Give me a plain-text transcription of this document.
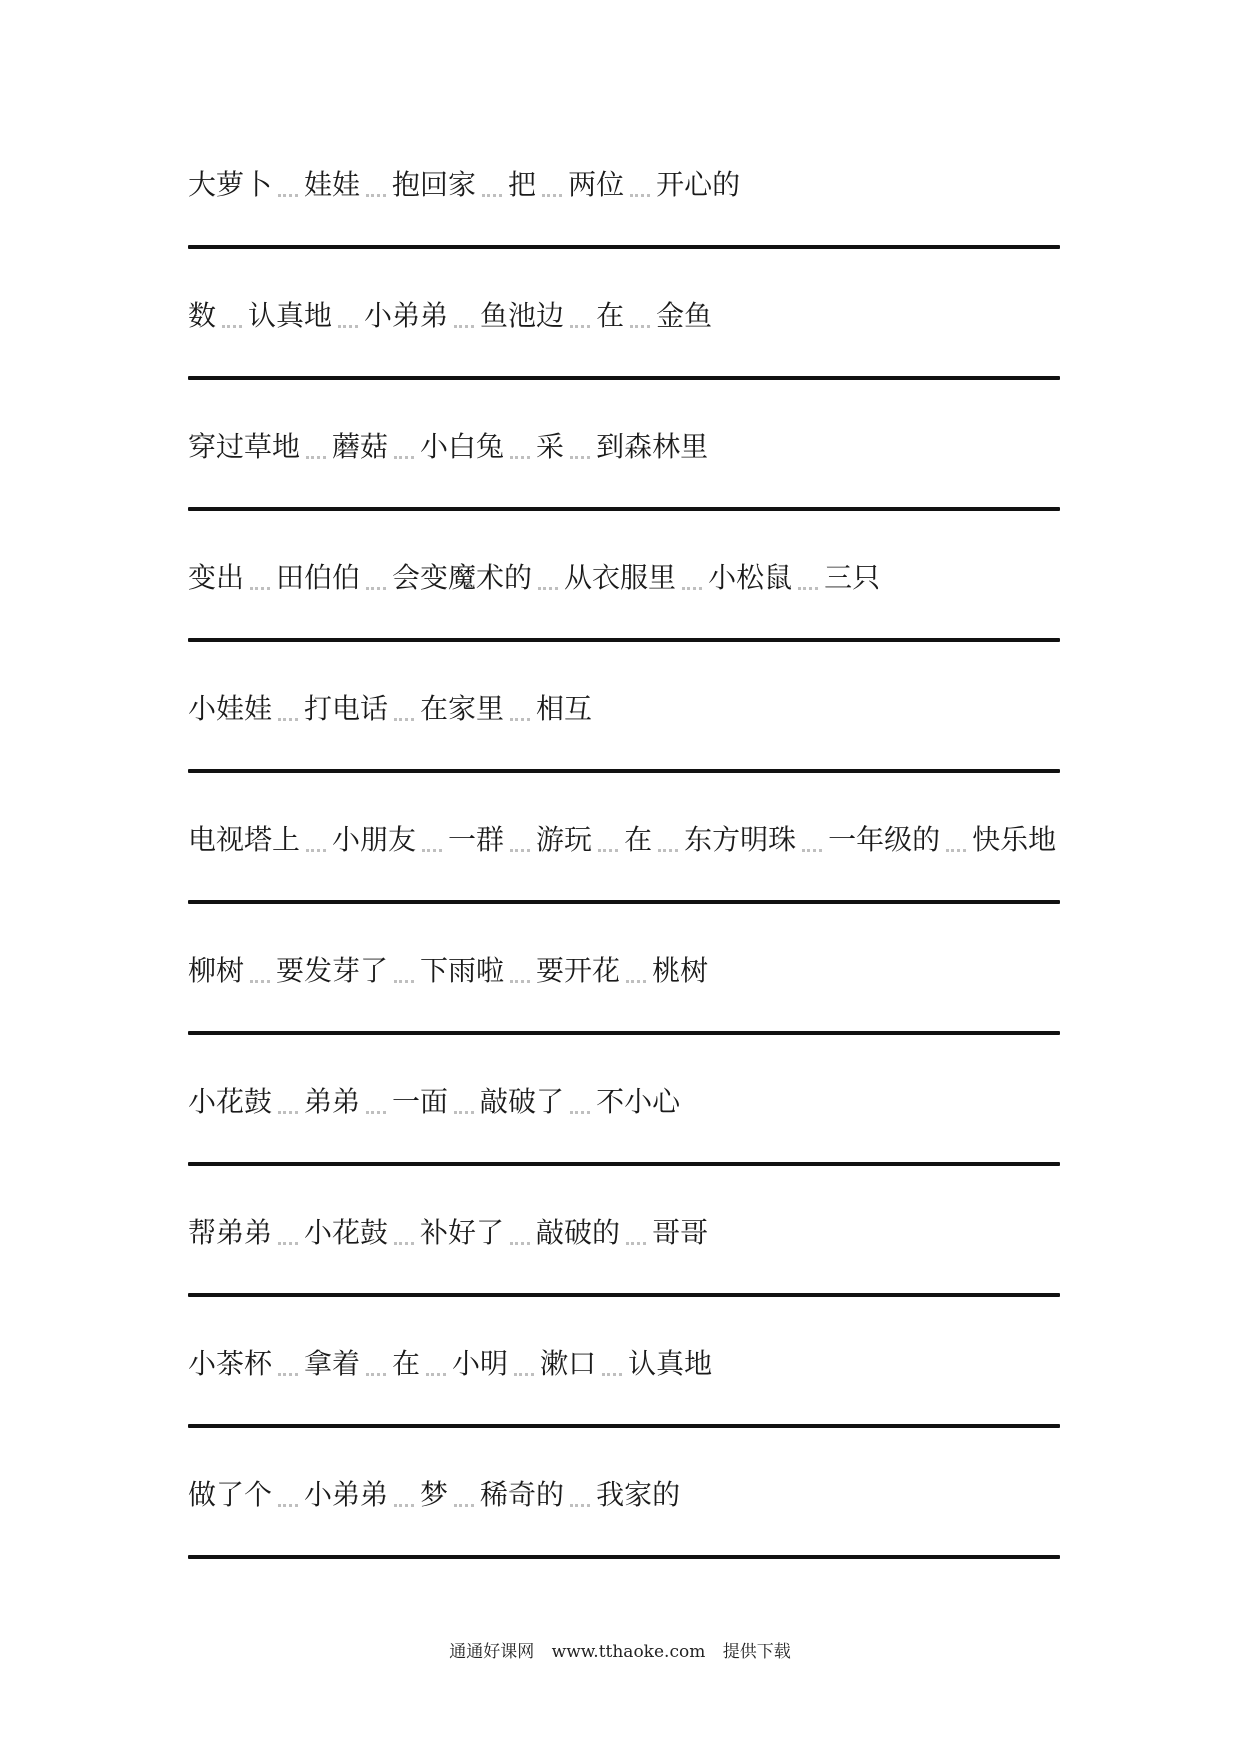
大萝卜 娃娃 抱回家 把 两位 开心的
数 认真地 小弟弟 鱼池边 在 金鱼
穿过草地 蘑菇 小白兔 采 到森林里
变出 田伯伯 会变魔术的 从衣服里 小松鼠 三只
小娃娃 打电话 在家里 相互
电视塔上 小朋友 一群 游玩 在 东方明珠 一年级的 快乐地
柳树 要发芽了 下雨啦 要开花 桃树
小花鼓 弟弟 一面 敲破了 不小心
帮弟弟 小花鼓 补好了 敲破的 哥哥
小茶杯 拿着 在 小明 漱口 认真地
做了个 小弟弟 梦 稀奇的 我家的
通通好课网 www.tthaoke.com 提供下载
